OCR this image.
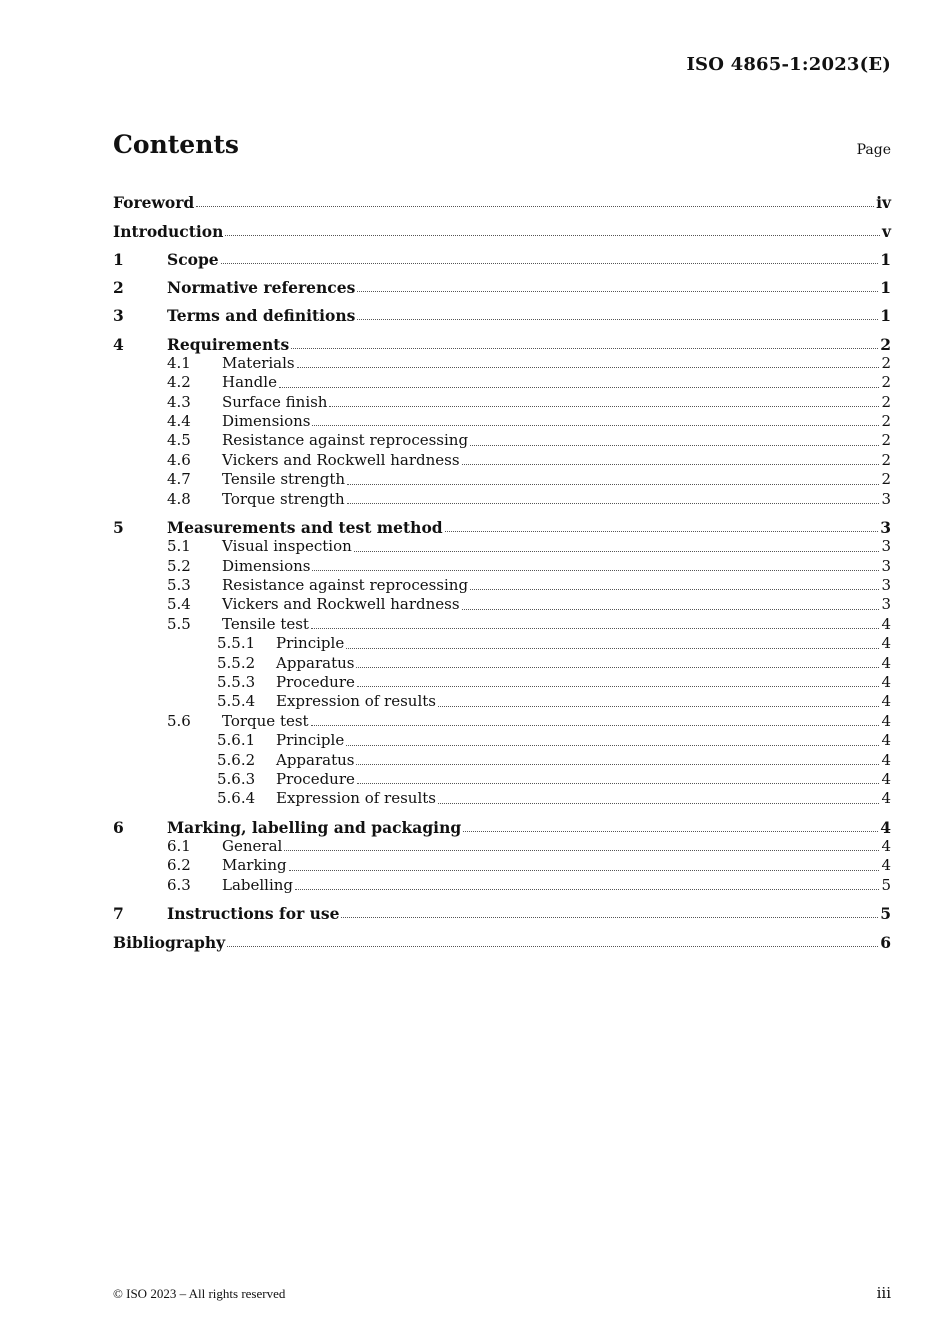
ISO 4865-1:2023(E)
Contents	Page
Foreword	iv
Introduction	v
1	Scope	1
2	Normative references	1
3	Terms and definitions	1
4	Requirements	2
4.1	Materials	2
4.2	Handle	2
4.3	Surface finish	2
4.4	Dimensions	2
4.5	Resistance against reprocessing	2
4.6	Vickers and Rockwell hardness	2
4.7	Tensile strength	2
4.8	Torque strength	3
5	Measurements and test method	3
5.1	Visual inspection	3
5.2	Dimensions	3
5.3	Resistance against reprocessing	3
5.4	Vickers and Rockwell hardness	3
5.5	Tensile test	4
5.5.1	Principle	4
5.5.2	Apparatus	4
5.5.3	Procedure	4
5.5.4	Expression of results	4
5.6	Torque test	4
5.6.1	Principle	4
5.6.2	Apparatus	4
5.6.3	Procedure	4
5.6.4	Expression of results	4
6	Marking, labelling and packaging	4
6.1	General	4
6.2	Marking	4
6.3	Labelling	5
7	Instructions for use	5
Bibliography	6
© ISO 2023 – All rights reserved	iii
